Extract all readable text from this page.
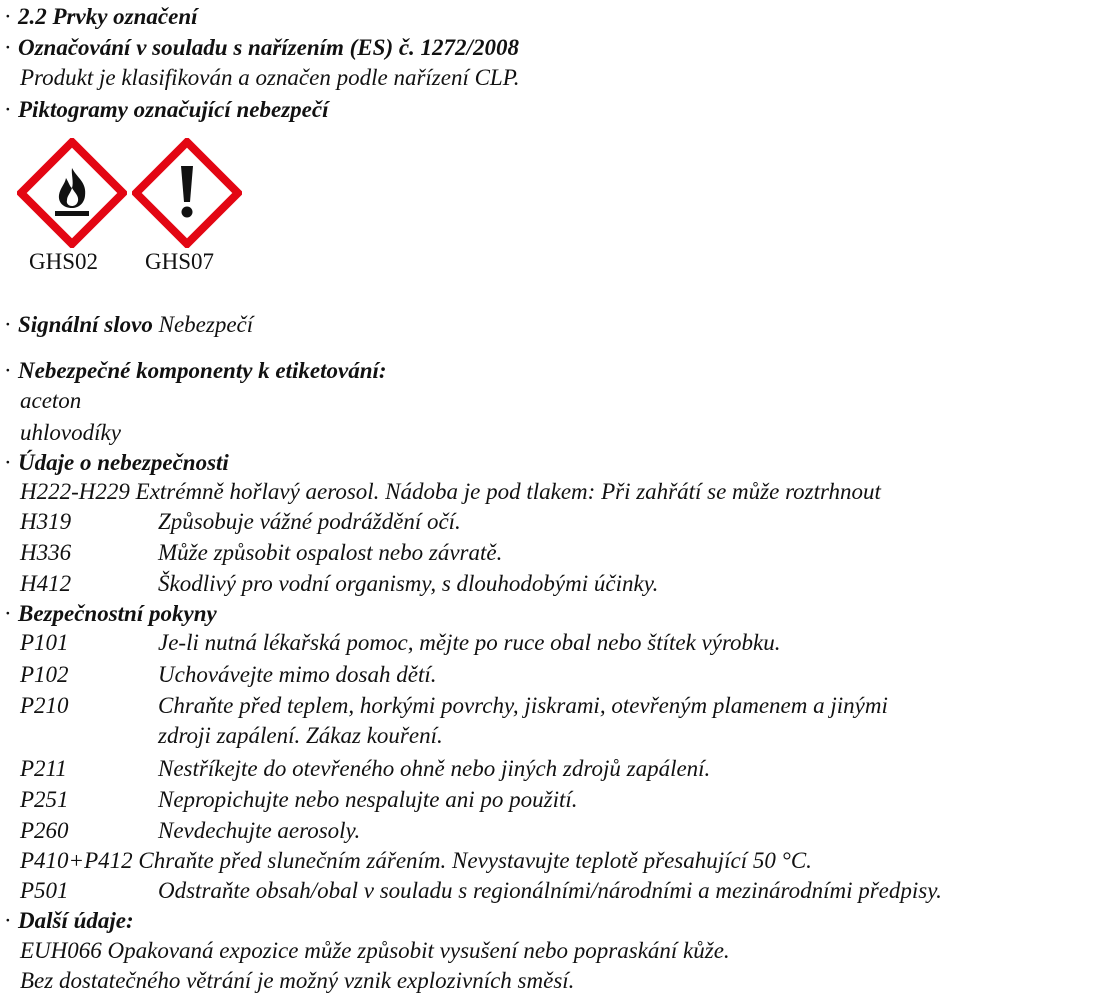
· 2.2 Prvky označení
· Označování v souladu s nařízením (ES) č. 1272/2008
Produkt je klasifikován a označen podle nařízení CLP.
· Piktogramy označující nebezpečí
GHS02 GHS07
· Signální slovo Nebezpečí
· Nebezpečné komponenty k etiketování:
aceton
uhlovodíky
· Údaje o nebezpečnosti
H222-H229 Extrémně hořlavý aerosol. Nádoba je pod tlakem: Při zahřátí se může roztrhnout
H319	Způsobuje vážné podráždění očí.
H336	Může způsobit ospalost nebo závratě.
H412	Škodlivý pro vodní organismy, s dlouhodobými účinky.
· Bezpečnostní pokyny
P101	Je-li nutná lékařská pomoc, mějte po ruce obal nebo štítek výrobku.
P102	Uchovávejte mimo dosah dětí.
P210	Chraňte před teplem, horkými povrchy, jiskrami, otevřeným plamenem a jinými
zdroji zapálení. Zákaz kouření.
P211	Nestříkejte do otevřeného ohně nebo jiných zdrojů zapálení.
P251	Nepropichujte nebo nespalujte ani po použití.
P260	Nevdechujte aerosoly.
P410+P412 Chraňte před slunečním zářením. Nevystavujte teplotě přesahující 50 °C.
P501	Odstraňte obsah/obal v souladu s regionálními/národními a mezinárodními předpisy.
· Další údaje:
EUH066 Opakovaná expozice může způsobit vysušení nebo popraskání kůže.
Bez dostatečného větrání je možný vznik explozivních směsí.
